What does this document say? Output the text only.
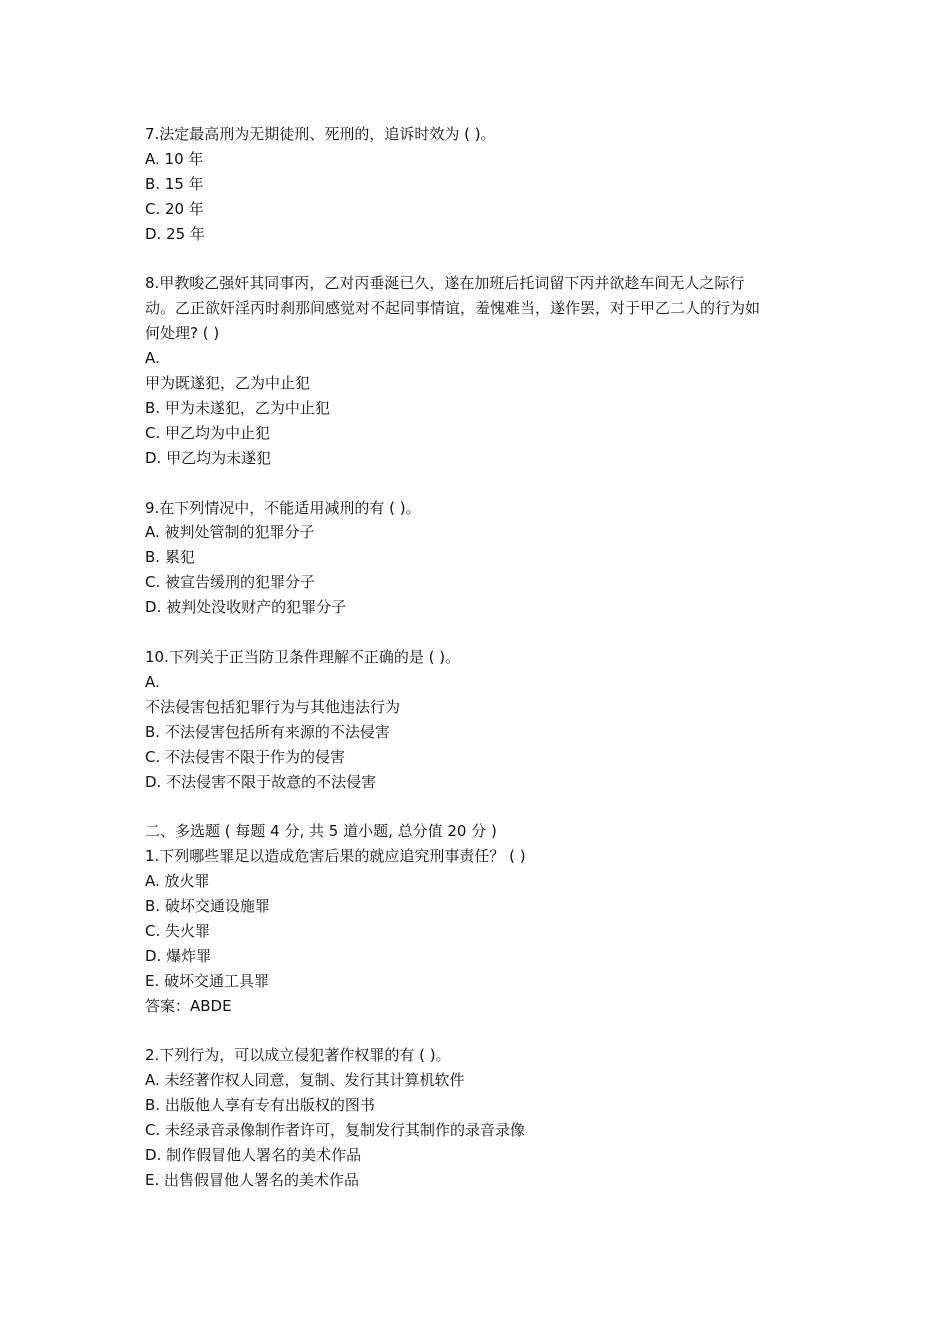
7.法定最高刑为无期徒刑、死刑的，追诉时效为 ( )。
A. 10 年
B. 15 年
C. 20 年
D. 25 年
8.甲教唆乙强奸其同事丙，乙对丙垂涎已久，遂在加班后托词留下丙并欲趁车间无人之际行
动。乙正欲奸淫丙时刹那间感觉对不起同事情谊，羞愧难当，遂作罢，对于甲乙二人的行为如
何处理? ( )
A.
甲为既遂犯，乙为中止犯
B. 甲为未遂犯，乙为中止犯
C. 甲乙均为中止犯
D. 甲乙均为未遂犯
9.在下列情况中，不能适用减刑的有 ( )。
A. 被判处管制的犯罪分子
B. 累犯
C. 被宣告缓刑的犯罪分子
D. 被判处没收财产的犯罪分子
10.下列关于正当防卫条件理解不正确的是 ( )。
A.
不法侵害包括犯罪行为与其他违法行为
B. 不法侵害包括所有来源的不法侵害
C. 不法侵害不限于作为的侵害
D. 不法侵害不限于故意的不法侵害
二、多选题 ( 每题 4 分, 共 5 道小题, 总分值 20 分 )
1.下列哪些罪足以造成危害后果的就应追究刑事责任？ ( )
A. 放火罪
B. 破坏交通设施罪
C. 失火罪
D. 爆炸罪
E. 破坏交通工具罪
答案：ABDE
2.下列行为，可以成立侵犯著作权罪的有 ( )。
A. 未经著作权人同意，复制、发行其计算机软件
B. 出版他人享有专有出版权的图书
C. 未经录音录像制作者许可，复制发行其制作的录音录像
D. 制作假冒他人署名的美术作品
E. 出售假冒他人署名的美术作品
